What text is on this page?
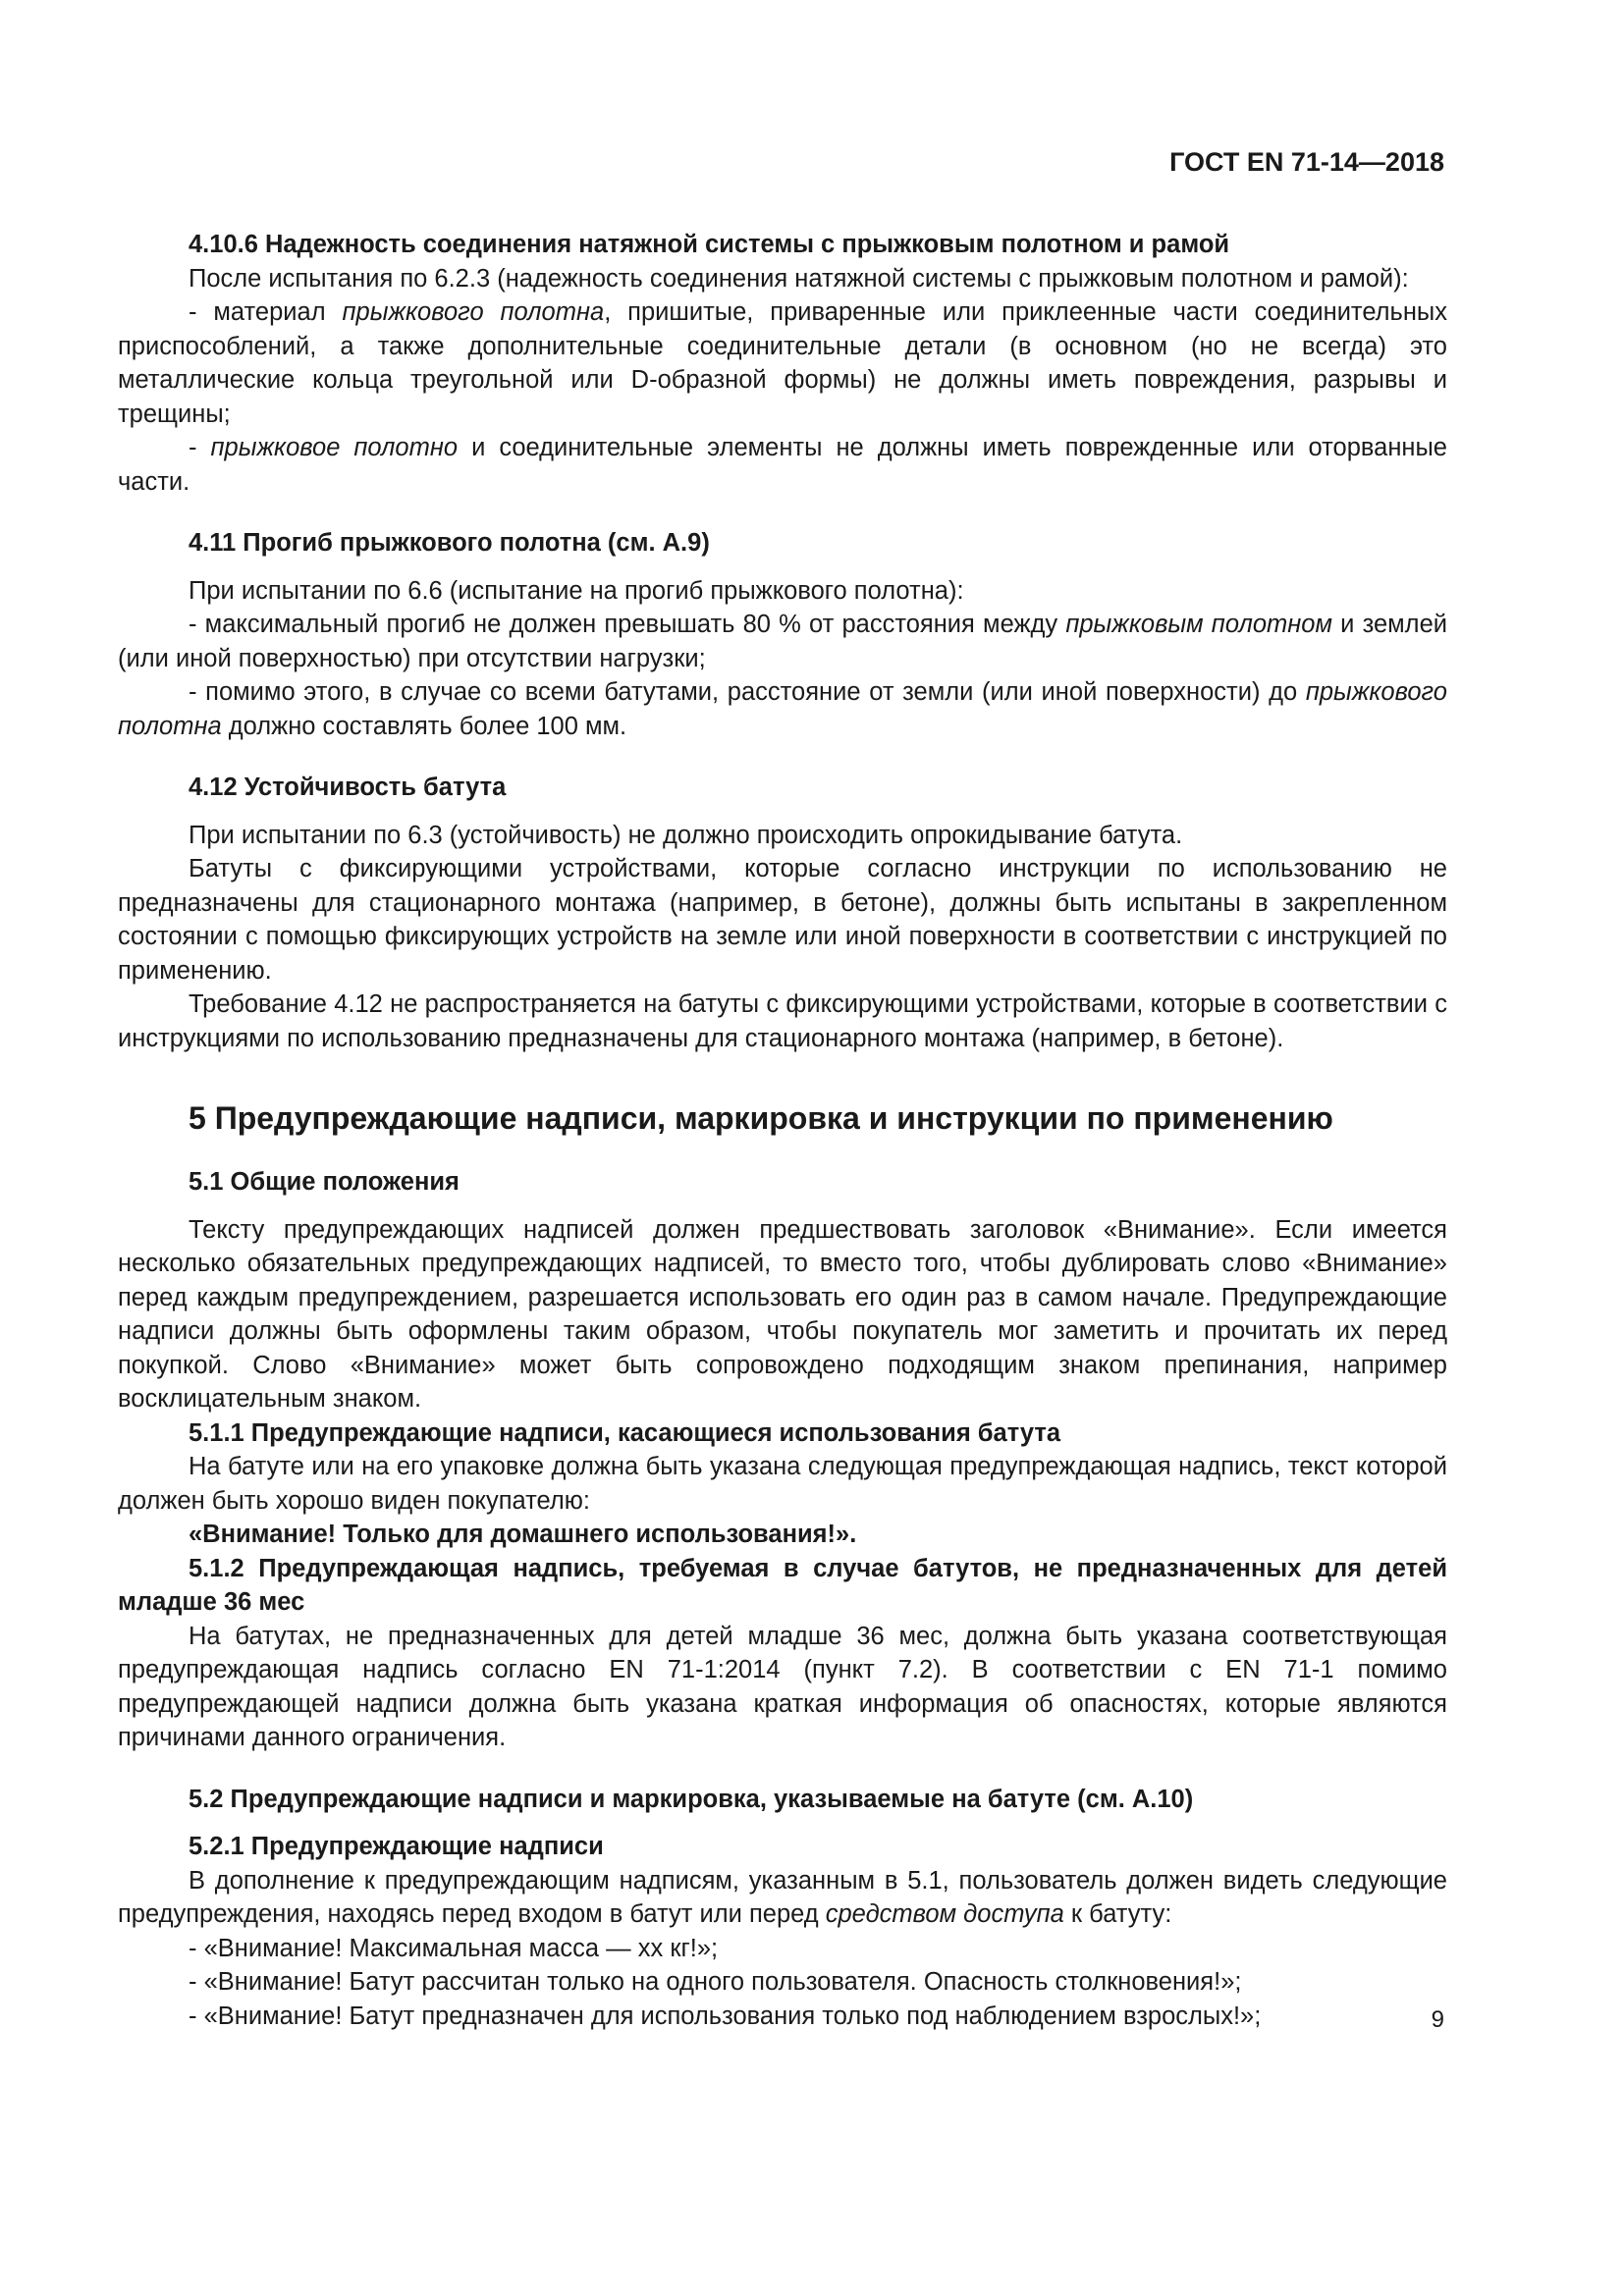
ГОСТ EN 71-14—2018

4.10.6 Надежность соединения натяжной системы с прыжковым полотном и рамой

После испытания по 6.2.3 (надежность соединения натяжной системы с прыжковым полотном и рамой):

- материал прыжкового полотна, пришитые, приваренные или приклеенные части соединительных приспособлений, а также дополнительные соединительные детали (в основном (но не всегда) это металлические кольца треугольной или D-образной формы) не должны иметь повреждения, разрывы и трещины;

- прыжковое полотно и соединительные элементы не должны иметь поврежденные или оторванные части.

4.11 Прогиб прыжкового полотна (см. А.9)

При испытании по 6.6 (испытание на прогиб прыжкового полотна):

- максимальный прогиб не должен превышать 80 % от расстояния между прыжковым полотном и землей (или иной поверхностью) при отсутствии нагрузки;

- помимо этого, в случае со всеми батутами, расстояние от земли (или иной поверхности) до прыжкового полотна должно составлять более 100 мм.

4.12 Устойчивость батута

При испытании по 6.3 (устойчивость) не должно происходить опрокидывание батута.

Батуты с фиксирующими устройствами, которые согласно инструкции по использованию не предназначены для стационарного монтажа (например, в бетоне), должны быть испытаны в закрепленном состоянии с помощью фиксирующих устройств на земле или иной поверхности в соответствии с инструкцией по применению.

Требование 4.12 не распространяется на батуты с фиксирующими устройствами, которые в соответствии с инструкциями по использованию предназначены для стационарного монтажа (например, в бетоне).

5 Предупреждающие надписи, маркировка и инструкции по применению

5.1 Общие положения

Тексту предупреждающих надписей должен предшествовать заголовок «Внимание». Если имеется несколько обязательных предупреждающих надписей, то вместо того, чтобы дублировать слово «Внимание» перед каждым предупреждением, разрешается использовать его один раз в самом начале. Предупреждающие надписи должны быть оформлены таким образом, чтобы покупатель мог заметить и прочитать их перед покупкой. Слово «Внимание» может быть сопровождено подходящим знаком препинания, например восклицательным знаком.

5.1.1 Предупреждающие надписи, касающиеся использования батута

На батуте или на его упаковке должна быть указана следующая предупреждающая надпись, текст которой должен быть хорошо виден покупателю:

«Внимание! Только для домашнего использования!».

5.1.2 Предупреждающая надпись, требуемая в случае батутов, не предназначенных для детей младше 36 мес

На батутах, не предназначенных для детей младше 36 мес, должна быть указана соответствующая предупреждающая надпись согласно EN 71-1:2014 (пункт 7.2). В соответствии с EN 71-1 помимо предупреждающей надписи должна быть указана краткая информация об опасностях, которые являются причинами данного ограничения.

5.2 Предупреждающие надписи и маркировка, указываемые на батуте (см. А.10)

5.2.1 Предупреждающие надписи

В дополнение к предупреждающим надписям, указанным в 5.1, пользователь должен видеть следующие предупреждения, находясь перед входом в батут или перед средством доступа к батуту:

- «Внимание! Максимальная масса — хх кг!»;

- «Внимание! Батут рассчитан только на одного пользователя. Опасность столкновения!»;

- «Внимание! Батут предназначен для использования только под наблюдением взрослых!»;	9
